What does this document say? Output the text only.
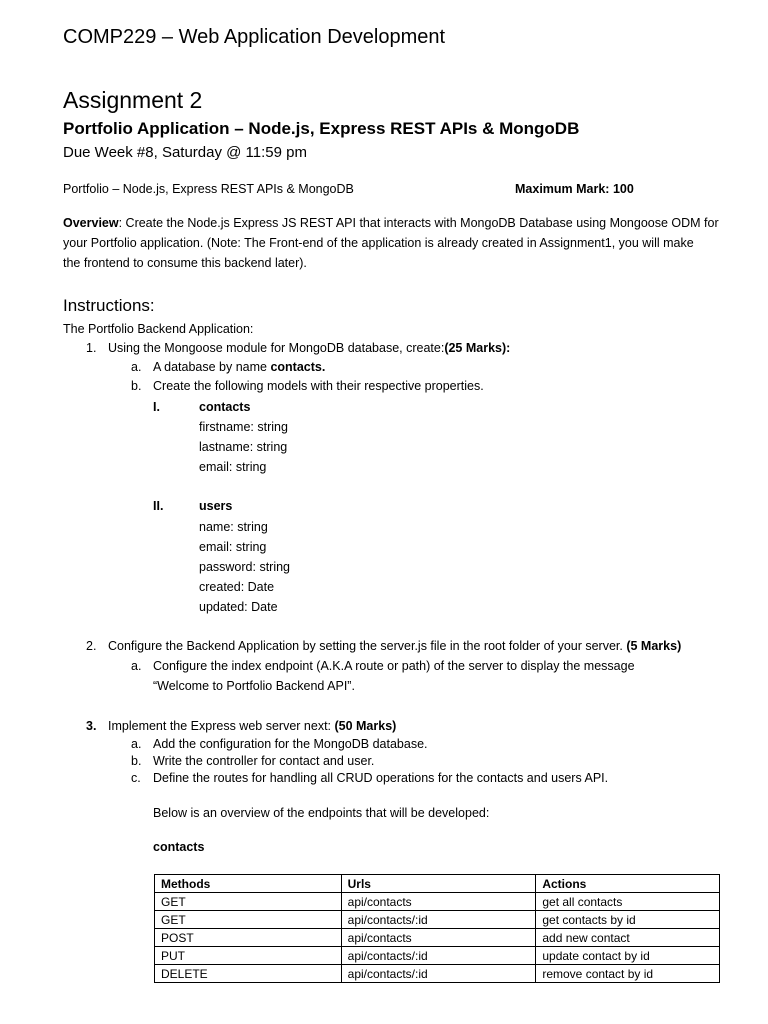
COMP229 – Web Application Development
Assignment 2
Portfolio Application – Node.js, Express REST APIs & MongoDB
Due Week #8, Saturday @ 11:59 pm
Portfolio – Node.js, Express REST APIs & MongoDB	Maximum Mark: 100
Overview: Create the Node.js Express JS REST API that interacts with MongoDB Database using Mongoose ODM for
your Portfolio application. (Note: The Front-end of the application is already created in Assignment1, you will make
the frontend to consume this backend later).
Instructions:
The Portfolio Backend Application:
1. Using the Mongoose module for MongoDB database, create:(25 Marks):
a. A database by name contacts.
b. Create the following models with their respective properties.
I.	contacts
firstname: string
lastname: string
email: string
II.	users
name: string
email: string
password: string
created: Date
updated: Date
2. Configure the Backend Application by setting the server.js file in the root folder of your server. (5 Marks)
a. Configure the index endpoint (A.K.A route or path) of the server to display the message
“Welcome to Portfolio Backend API”.
3. Implement the Express web server next: (50 Marks)
a. Add the configuration for the MongoDB database.
b. Write the controller for contact and user.
c. Define the routes for handling all CRUD operations for the contacts and users API.
Below is an overview of the endpoints that will be developed:
contacts
Methods	Urls	Actions
GET	api/contacts	get all contacts
GET	api/contacts/:id	get contacts by id
POST	api/contacts	add new contact
PUT	api/contacts/:id	update contact by id
DELETE	api/contacts/:id	remove contact by id
